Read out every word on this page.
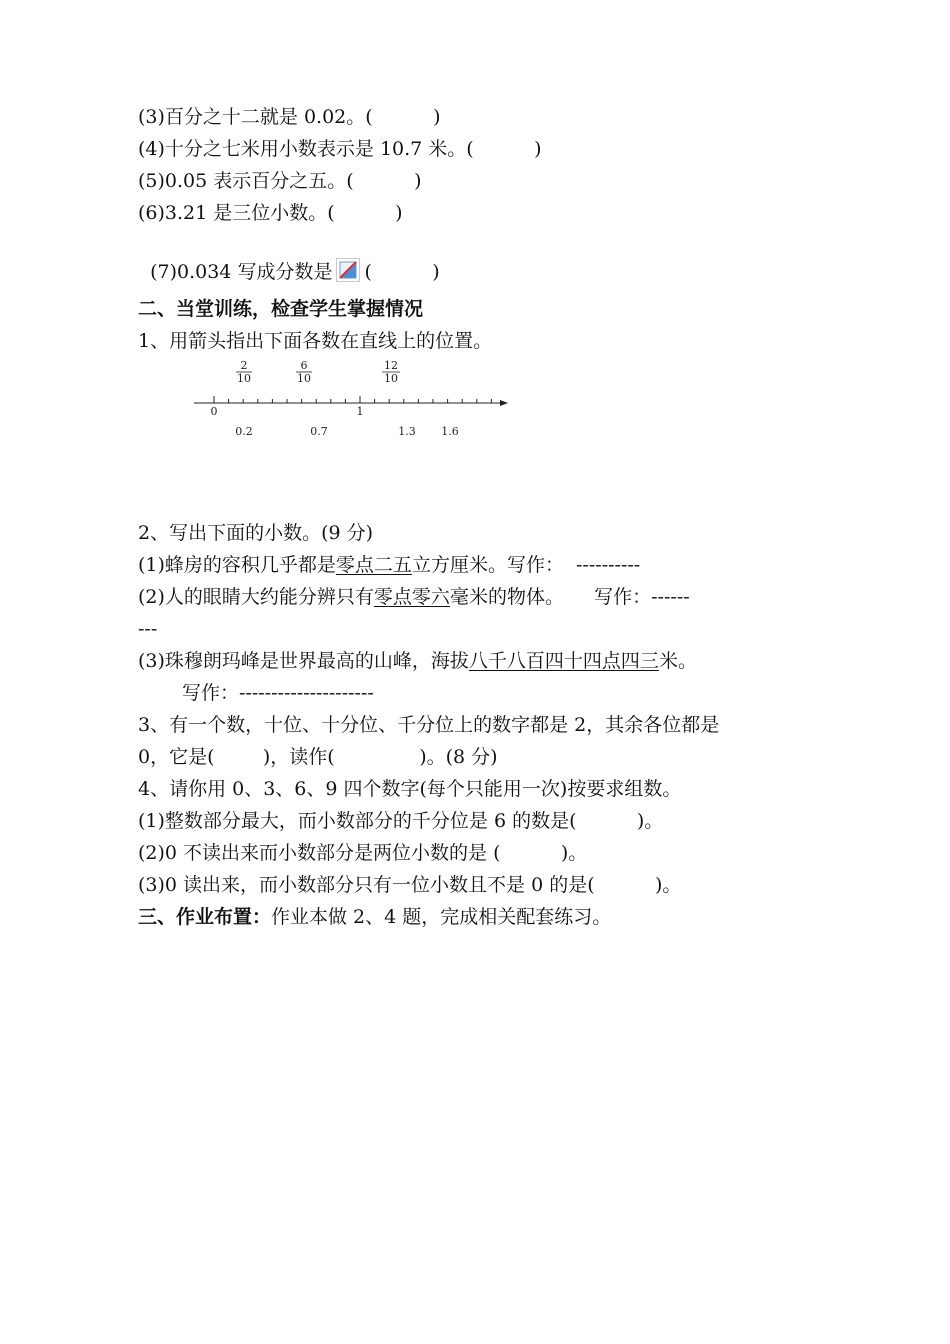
(3)百分之十二就是 0.02。(          )
(4)十分之七米用小数表示是 10.7 米。(          )
(5)0.05 表示百分之五。(          )
(6)3.21 是三位小数。(          )

(7)0.034 写成分数是 (          )

二、当堂训练，检查学生掌握情况
1、用箭头指出下面各数在直线上的位置。
2
10
6
10
12
10
0	1
0.2	0.7	1.3 1.6
2、写出下面的小数。(9 分)
(1)蜂房的容积几乎都是零点二五立方厘米。写作：  ----------
(2)人的眼睛大约能分辨只有零点零六毫米的物体。     写作：------
---
(3)珠穆朗玛峰是世界最高的山峰，海拔八千八百四十四点四三米。
写作：---------------------
3、有一个数，十位、十分位、千分位上的数字都是 2，其余各位都是
0，它是(        )，读作(              )。(8 分)
4、请你用 0、3、6、9 四个数字(每个只能用一次)按要求组数。
(1)整数部分最大，而小数部分的千分位是 6 的数是(          )。
(2)0 不读出来而小数部分是两位小数的是 (          )。
(3)0 读出来，而小数部分只有一位小数且不是 0 的是(          )。
三、作业布置：作业本做 2、4 题，完成相关配套练习。
